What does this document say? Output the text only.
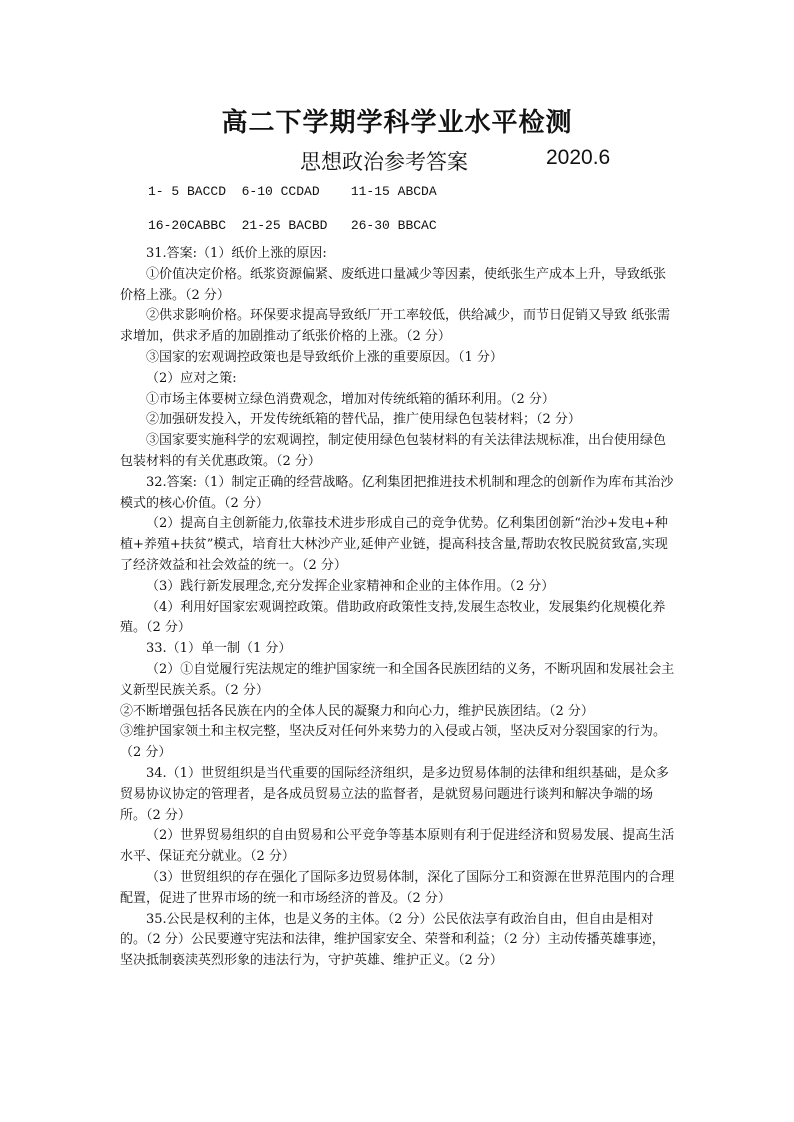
高二下学期学科学业水平检测
思想政治参考答案	2020.6
1- 5 BACCD  6-10 CCDAD    11-15 ABCDA
16-20CABBC  21-25 BACBD   26-30 BBCAC

31.答案:（1）纸价上涨的原因:

①价值决定价格。纸浆资源偏紧、废纸进口量减少等因素，使纸张生产成本上升，导致纸张价格上涨。（2 分）

②供求影响价格。环保要求提高导致纸厂开工率较低，供给减少，而节日促销又导致 纸张需求增加，供求矛盾的加剧推动了纸张价格的上涨。（2 分）

③国家的宏观调控政策也是导致纸价上涨的重要原因。（1 分）

（2）应对之策:

①市场主体要树立绿色消费观念，增加对传统纸箱的循环利用。（2 分）

②加强研发投入，开发传统纸箱的替代品，推广使用绿色包装材料；（2 分）

③国家要实施科学的宏观调控，制定使用绿色包装材料的有关法律法规标准，出台使用绿色包装材料的有关优惠政策。（2 分）

32.答案:（1）制定正确的经营战略。亿利集团把推进技术机制和理念的创新作为库布其治沙模式的核心价值。（2 分）

（2）提高自主创新能力,依靠技术进步形成自己的竞争优势。亿利集团创新“治沙+发电+种植+养殖+扶贫”模式，培育壮大林沙产业,延伸产业链，提高科技含量,帮助农牧民脱贫致富,实现了经济效益和社会效益的统一。（2 分）

（3）践行新发展理念,充分发挥企业家精神和企业的主体作用。（2 分）

（4）利用好国家宏观调控政策。借助政府政策性支持,发展生态牧业，发展集约化规模化养殖。（2 分）

33.（1）单一制（1 分）

（2）①自觉履行宪法规定的维护国家统一和全国各民族团结的义务，不断巩固和发展社会主义新型民族关系。（2 分）

②不断增强包括各民族在内的全体人民的凝聚力和向心力，维护民族团结。（2 分）

③维护国家领土和主权完整，坚决反对任何外来势力的入侵或占领，坚决反对分裂国家的行为。（2 分）

34.（1）世贸组织是当代重要的国际经济组织，是多边贸易体制的法律和组织基础，是众多贸易协议协定的管理者，是各成员贸易立法的监督者，是就贸易问题进行谈判和解决争端的场所。（2 分）

（2）世界贸易组织的自由贸易和公平竞争等基本原则有利于促进经济和贸易发展、提高生活水平、保证充分就业。（2 分）

（3）世贸组织的存在强化了国际多边贸易体制，深化了国际分工和资源在世界范围内的合理配置，促进了世界市场的统一和市场经济的普及。（2 分）

35.公民是权利的主体，也是义务的主体。（2 分）公民依法享有政治自由，但自由是相对的。（2 分）公民要遵守宪法和法律，维护国家安全、荣誉和利益；（2 分）主动传播英雄事迹，坚决抵制亵渎英烈形象的违法行为，守护英雄、维护正义。（2 分）
